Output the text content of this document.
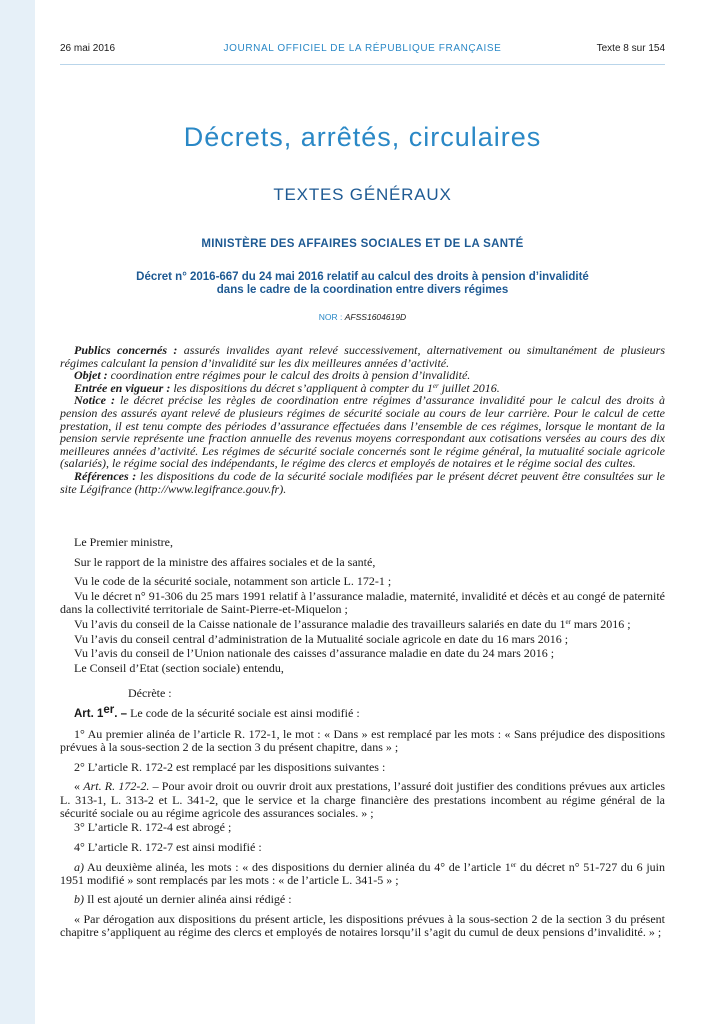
26 mai 2016	JOURNAL OFFICIEL DE LA RÉPUBLIQUE FRANÇAISE	Texte 8 sur 154
Décrets, arrêtés, circulaires
TEXTES GÉNÉRAUX
MINISTÈRE DES AFFAIRES SOCIALES ET DE LA SANTÉ
Décret n° 2016-667 du 24 mai 2016 relatif au calcul des droits à pension d’invalidité
dans le cadre de la coordination entre divers régimes
NOR : AFSS1604619D

Publics concernés : assurés invalides ayant relevé successivement, alternativement ou simultanément de plusieurs régimes calculant la pension d’invalidité sur les dix meilleures années d’activité.

Objet : coordination entre régimes pour le calcul des droits à pension d’invalidité.

Entrée en vigueur : les dispositions du décret s’appliquent à compter du 1er juillet 2016.

Notice : le décret précise les règles de coordination entre régimes d’assurance invalidité pour le calcul des droits à pension des assurés ayant relevé de plusieurs régimes de sécurité sociale au cours de leur carrière. Pour le calcul de cette prestation, il est tenu compte des périodes d’assurance effectuées dans l’ensemble de ces régimes, lorsque le montant de la pension servie représente une fraction annuelle des revenus moyens correspondant aux cotisations versées au cours des dix meilleures années d’activité. Les régimes de sécurité sociale concernés sont le régime général, la mutualité sociale agricole (salariés), le régime social des indépendants, le régime des clercs et employés de notaires et le régime social des cultes.

Références : les dispositions du code de la sécurité sociale modifiées par le présent décret peuvent être consultées sur le site Légifrance (http://www.legifrance.gouv.fr).

Le Premier ministre,

Sur le rapport de la ministre des affaires sociales et de la santé,

Vu le code de la sécurité sociale, notamment son article L. 172-1 ;

Vu le décret n° 91-306 du 25 mars 1991 relatif à l’assurance maladie, maternité, invalidité et décès et au congé de paternité dans la collectivité territoriale de Saint-Pierre-et-Miquelon ;

Vu l’avis du conseil de la Caisse nationale de l’assurance maladie des travailleurs salariés en date du 1er mars 2016 ;

Vu l’avis du conseil central d’administration de la Mutualité sociale agricole en date du 16 mars 2016 ;

Vu l’avis du conseil de l’Union nationale des caisses d’assurance maladie en date du 24 mars 2016 ;

Le Conseil d’Etat (section sociale) entendu,

Décrète :

Art. 1er. – Le code de la sécurité sociale est ainsi modifié :

1° Au premier alinéa de l’article R. 172-1, le mot : « Dans » est remplacé par les mots : « Sans préjudice des dispositions prévues à la sous-section 2 de la section 3 du présent chapitre, dans » ;

2° L’article R. 172-2 est remplacé par les dispositions suivantes :

« Art. R. 172-2. – Pour avoir droit ou ouvrir droit aux prestations, l’assuré doit justifier des conditions prévues aux articles L. 313-1, L. 313-2 et L. 341-2, que le service et la charge financière des prestations incombent au régime général de la sécurité sociale ou au régime agricole des assurances sociales. » ;

3° L’article R. 172-4 est abrogé ;

4° L’article R. 172-7 est ainsi modifié :

a) Au deuxième alinéa, les mots : « des dispositions du dernier alinéa du 4° de l’article 1er du décret n° 51-727 du 6 juin 1951 modifié » sont remplacés par les mots : « de l’article L. 341-5 » ;

b) Il est ajouté un dernier alinéa ainsi rédigé :

« Par dérogation aux dispositions du présent article, les dispositions prévues à la sous-section 2 de la section 3 du présent chapitre s’appliquent au régime des clercs et employés de notaires lorsqu’il s’agit du cumul de deux pensions d’invalidité. » ;
